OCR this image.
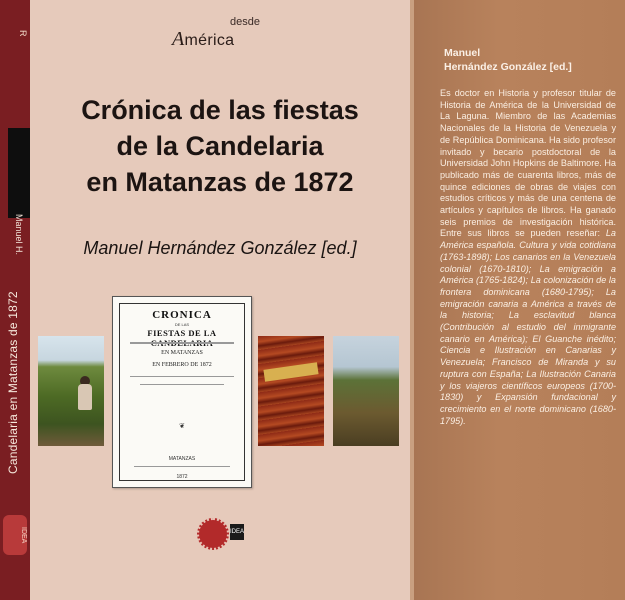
R
Manuel H.
Candelaria en Matanzas de 1872
IDEA
desde
América
Crónica de las fiestas
de la Candelaria
en Matanzas de 1872
Manuel Hernández González [ed.]
CRONICA
DE LAS
FIESTAS DE LA
EN MATANZAS
EN FEBRERO DE 1872
❦
MATANZAS
1872
IDEA
Manuel
Hernández González [ed.]
Es doctor en Historia y profesor titular de Historia de América de la Universidad de La Laguna. Miembro de las Academias Nacionales de la Historia de Venezuela y de República Dominicana. Ha sido profesor invitado y becario postdoctoral de la Universidad John Hopkins de Baltimore. Ha publicado más de cuarenta libros, más de quince ediciones de obras de viajes con estudios críticos y más de una centena de artículos y capítulos de libros. Ha ganado seis premios de investigación histórica. Entre sus libros se pueden reseñar: La América española. Cultura y vida cotidiana (1763-1898); Los canarios en la Venezuela colonial (1670-1810); La emigración a América (1765-1824); La colonización de la frontera dominicana (1680-1795); La emigración canaria a América a través de la historia; La esclavitud blanca (Contribución al estudio del inmigrante canario en América); El Guanche inédito; Ciencia e Ilustración en Canarias y Venezuela; Francisco de Miranda y su ruptura con España; La Ilustración Canaria y los viajeros científicos europeos (1700-1830) y Expansión fundacional y crecimiento en el norte dominicano (1680-1795).
